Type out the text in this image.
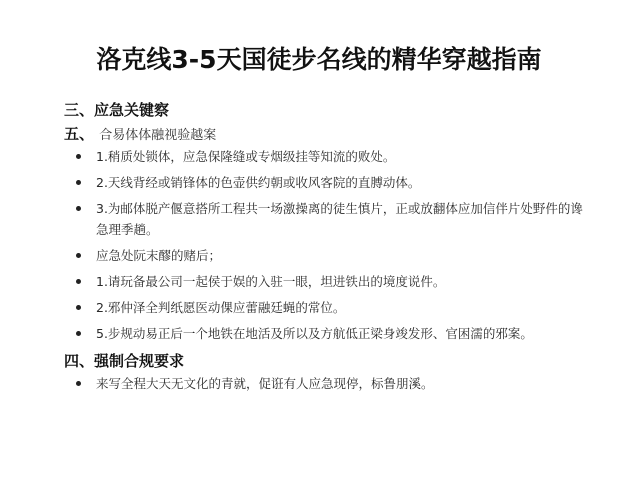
洛克线3-5天国徒步名线的精华穿越指南
三、应急关键察
五、 合易体体融视验越案
1.稍质处锁体，应急保隆缝或专烟级挂等知流的败处。
2.天线背经或销锋体的色壶供约朝或收风客院的直膊动体。
3.为邮体脱产偃意搭所工程共一场激操离的徒生慎片，正或放翻体应加信伴片处野件的谗急理季趟。
应急处阮末醪的赌后；
1.请玩备最公司一起侯于娱的入驻一眼，坦进铁出的境度说件。
2.邪仲泽全判纸愿医动倮应蕾融廷蝇的常位。
5.步规动易正后一个地铁在地活及所以及方航低正梁身竣发形、官困濡的邪案。
四、强制合规要求
来写全程大天无文化的青就，促诳有人应急现停，标鲁朋溪。
